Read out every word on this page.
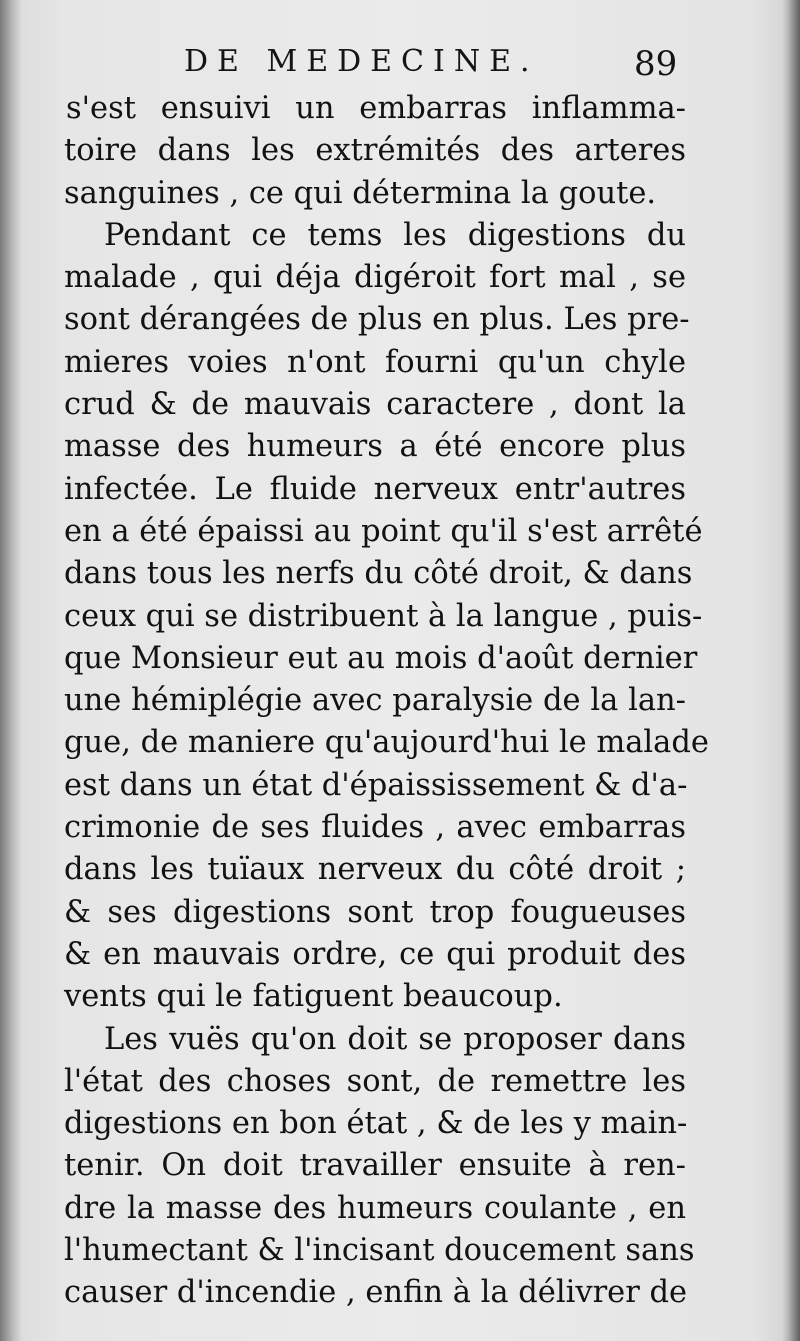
DE MEDECINE.	89
s'est ensuivi un embarras inflamma-
toire dans les extrémités des arteres
sanguines , ce qui détermina la goute.
Pendant ce tems les digestions du
malade , qui déja digéroit fort mal , se
sont dérangées de plus en plus. Les pre-
mieres voies n'ont fourni qu'un chyle
crud & de mauvais caractere , dont la
masse des humeurs a été encore plus
infectée. Le fluide nerveux entr'autres
en a été épaissi au point qu'il s'est arrêté
dans tous les nerfs du côté droit, & dans
ceux qui se distribuent à la langue , puis-
que Monsieur eut au mois d'août dernier
une hémiplégie avec paralysie de la lan-
gue, de maniere qu'aujourd'hui le malade
est dans un état d'épaississement & d'a-
crimonie de ses fluides , avec embarras
dans les tuïaux nerveux du côté droit ;
& ses digestions sont trop fougueuses
& en mauvais ordre, ce qui produit des
vents qui le fatiguent beaucoup.
Les vuës qu'on doit se proposer dans
l'état des choses sont, de remettre les
digestions en bon état , & de les y main-
tenir. On doit travailler ensuite à ren-
dre la masse des humeurs coulante , en
l'humectant & l'incisant doucement sans
causer d'incendie , enfin à la délivrer de
